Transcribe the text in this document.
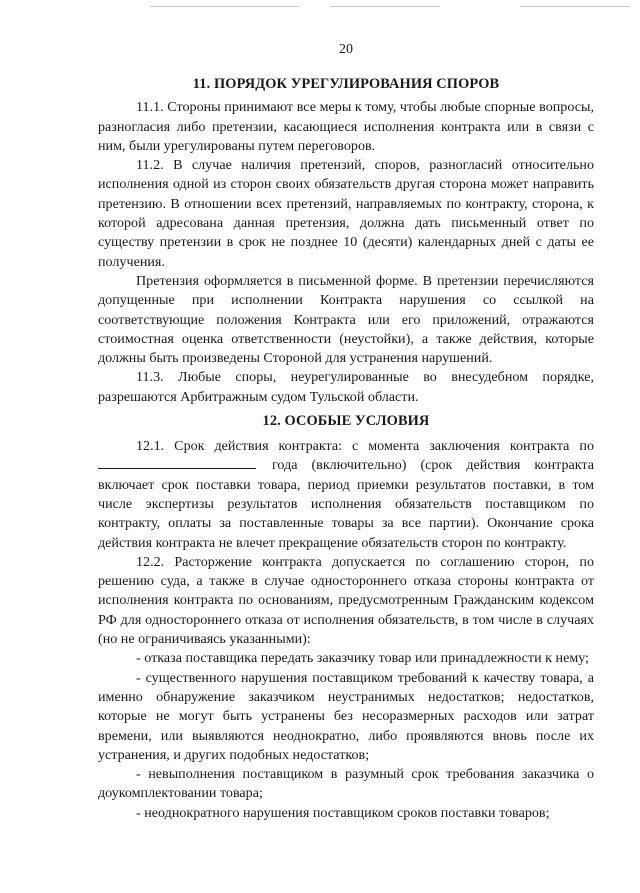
20
11. ПОРЯДОК УРЕГУЛИРОВАНИЯ СПОРОВ

11.1. Стороны принимают все меры к тому, чтобы любые спорные вопросы, разногласия либо претензии, касающиеся исполнения контракта или в связи с ним, были урегулированы путем переговоров.

11.2. В случае наличия претензий, споров, разногласий относительно исполнения одной из сторон своих обязательств другая сторона может направить претензию. В отношении всех претензий, направляемых по контракту, сторона, к которой адресована данная претензия, должна дать письменный ответ по существу претензии в срок не позднее 10 (десяти) календарных дней с даты ее получения.

Претензия оформляется в письменной форме. В претензии перечисляются допущенные при исполнении Контракта нарушения со ссылкой на соответствующие положения Контракта или его приложений, отражаются стоимостная оценка ответственности (неустойки), а также действия, которые должны быть произведены Стороной для устранения нарушений.

11.3. Любые споры, неурегулированные во внесудебном порядке, разрешаются Арбитражным судом Тульской области.

12. ОСОБЫЕ УСЛОВИЯ

12.1. Срок действия контракта: с момента заключения контракта по  года (включительно) (срок действия контракта включает срок поставки товара, период приемки результатов поставки, в том числе экспертизы результатов исполнения обязательств поставщиком по контракту, оплаты за поставленные товары за все партии). Окончание срока действия контракта не влечет прекращение обязательств сторон по контракту.

12.2. Расторжение контракта допускается по соглашению сторон, по решению суда, а также в случае одностороннего отказа стороны контракта от исполнения контракта по основаниям, предусмотренным Гражданским кодексом РФ для одностороннего отказа от исполнения обязательств, в том числе в случаях (но не ограничиваясь указанными):

- отказа поставщика передать заказчику товар или принадлежности к нему;

- существенного нарушения поставщиком требований к качеству товара, а именно обнаружение заказчиком неустранимых недостатков; недостатков, которые не могут быть устранены без несоразмерных расходов или затрат времени, или выявляются неоднократно, либо проявляются вновь после их устранения, и других подобных недостатков;

- невыполнения поставщиком в разумный срок требования заказчика о доукомплектовании товара;

- неоднократного нарушения поставщиком сроков поставки товаров;
